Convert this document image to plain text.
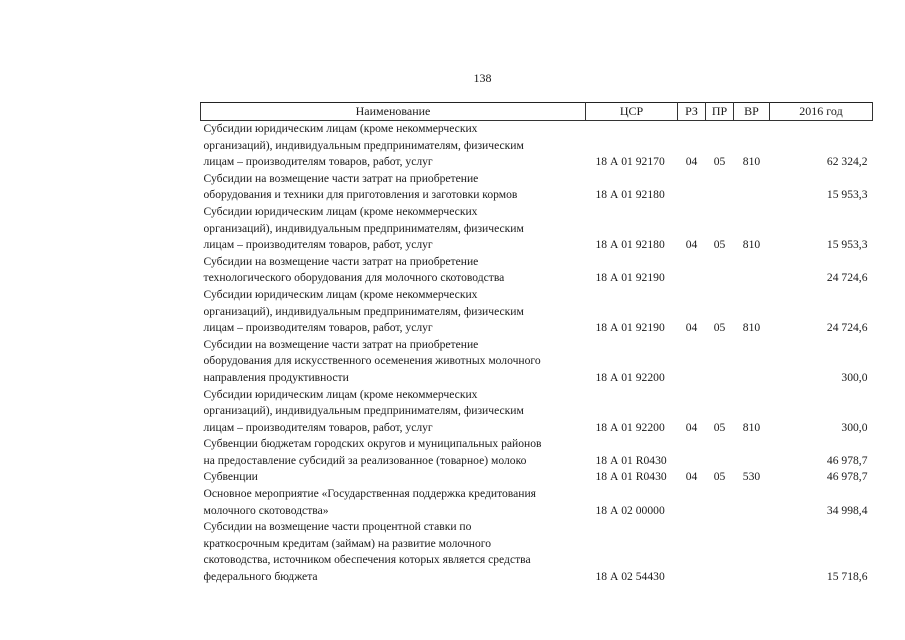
138
Наименование	ЦСР	РЗ	ПР	ВР	2016 год

Субсидии юридическим лицам (кроме некоммерческих
организаций), индивидуальным предпринимателям, физическим
лицам – производителям товаров, работ, услуг	18 А 01 92170	04	05	810	62 324,2

Субсидии на возмещение части затрат на приобретение
оборудования и техники для приготовления и заготовки кормов	18 А 01 92180				15 953,3

Субсидии юридическим лицам (кроме некоммерческих
организаций), индивидуальным предпринимателям, физическим
лицам – производителям товаров, работ, услуг	18 А 01 92180	04	05	810	15 953,3

Субсидии на возмещение части затрат на приобретение
технологического оборудования для молочного скотоводства	18 А 01 92190				24 724,6

Субсидии юридическим лицам (кроме некоммерческих
организаций), индивидуальным предпринимателям, физическим
лицам – производителям товаров, работ, услуг	18 А 01 92190	04	05	810	24 724,6

Субсидии на возмещение части затрат на приобретение
оборудования для искусственного осеменения животных молочного
направления продуктивности	18 А 01 92200				300,0

Субсидии юридическим лицам (кроме некоммерческих
организаций), индивидуальным предпринимателям, физическим
лицам – производителям товаров, работ, услуг	18 А 01 92200	04	05	810	300,0

Субвенции бюджетам городских округов и муниципальных районов
на предоставление субсидий за реализованное (товарное) молоко	18 А 01 R0430				46 978,7

Субвенции	18 А 01 R0430	04	05	530	46 978,7

Основное мероприятие «Государственная поддержка кредитования
молочного скотоводства»	18 А 02 00000				34 998,4

Субсидии на возмещение части процентной ставки по
краткосрочным кредитам (займам) на развитие молочного
скотоводства, источником обеспечения которых является средства
федерального бюджета	18 А 02 54430				15 718,6
